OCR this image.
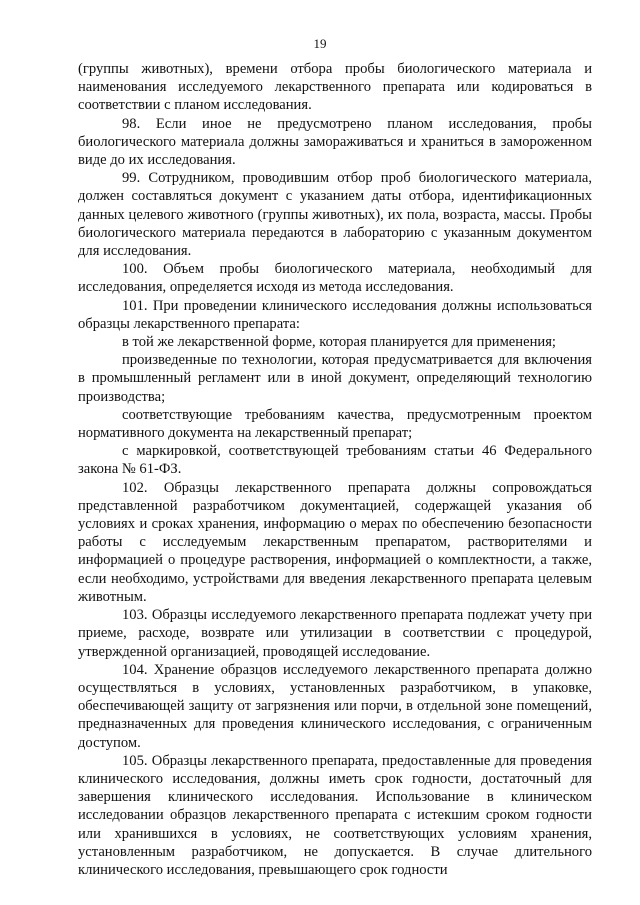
19

(группы животных), времени отбора пробы биологического материала и наименования исследуемого лекарственного препарата или кодироваться в соответствии с планом исследования.

98. Если иное не предусмотрено планом исследования, пробы биологического материала должны замораживаться и храниться в замороженном виде до их исследования.

99. Сотрудником, проводившим отбор проб биологического материала, должен составляться документ с указанием даты отбора, идентификационных данных целевого животного (группы животных), их пола, возраста, массы. Пробы биологического материала передаются в лабораторию с указанным документом для исследования.

100. Объем пробы биологического материала, необходимый для исследования, определяется исходя из метода исследования.

101. При проведении клинического исследования должны использоваться образцы лекарственного препарата:

в той же лекарственной форме, которая планируется для применения;

произведенные по технологии, которая предусматривается для включения в промышленный регламент или в иной документ, определяющий технологию производства;

соответствующие требованиям качества, предусмотренным проектом нормативного документа на лекарственный препарат;

с маркировкой, соответствующей требованиям статьи 46 Федерального закона № 61-ФЗ.

102. Образцы лекарственного препарата должны сопровождаться представленной разработчиком документацией, содержащей указания об условиях и сроках хранения, информацию о мерах по обеспечению безопасности работы с исследуемым лекарственным препаратом, растворителями и информацией о процедуре растворения, информацией о комплектности, а также, если необходимо, устройствами для введения лекарственного препарата целевым животным.

103. Образцы исследуемого лекарственного препарата подлежат учету при приеме, расходе, возврате или утилизации в соответствии с процедурой, утвержденной организацией, проводящей исследование.

104. Хранение образцов исследуемого лекарственного препарата должно осуществляться в условиях, установленных разработчиком, в упаковке, обеспечивающей защиту от загрязнения или порчи, в отдельной зоне помещений, предназначенных для проведения клинического исследования, с ограниченным доступом.

105. Образцы лекарственного препарата, предоставленные для проведения клинического исследования, должны иметь срок годности, достаточный для завершения клинического исследования. Использование в клиническом исследовании образцов лекарственного препарата с истекшим сроком годности или хранившихся в условиях, не соответствующих условиям хранения, установленным разработчиком, не допускается. В случае длительного клинического исследования, превышающего срок годности
